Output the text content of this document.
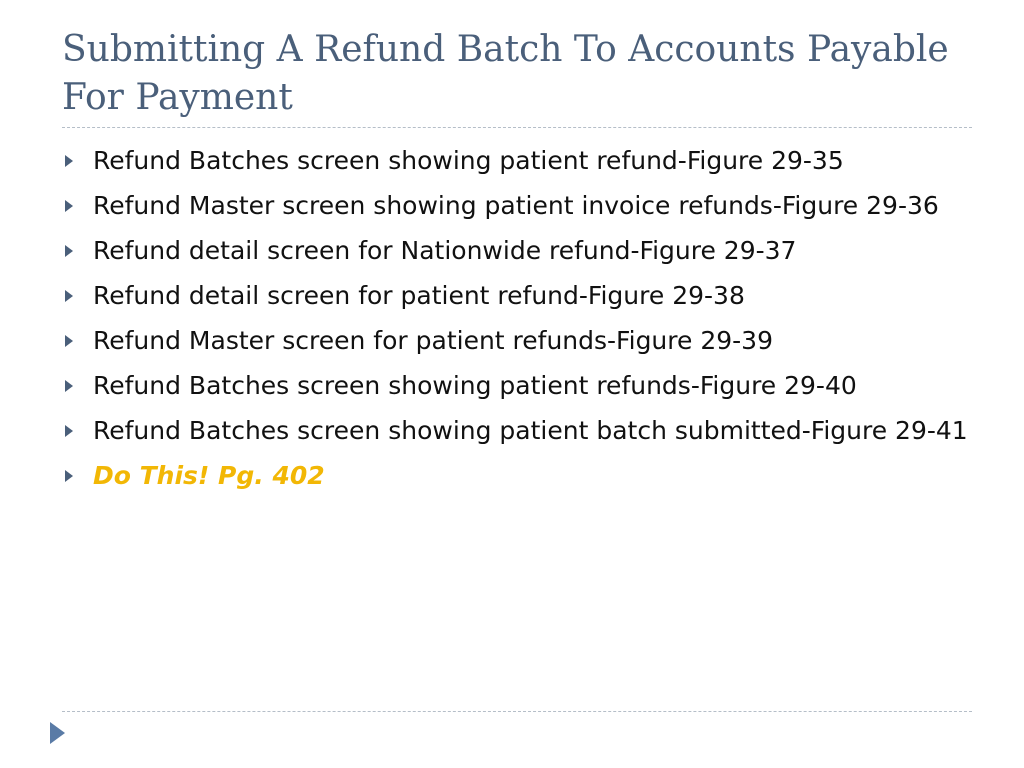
Submitting A Refund Batch To Accounts Payable For Payment
Refund Batches screen showing patient refund-Figure 29-35
Refund Master screen showing patient invoice refunds-Figure 29-36
Refund detail screen for Nationwide refund-Figure 29-37
Refund detail screen for patient refund-Figure 29-38
Refund Master screen for patient refunds-Figure 29-39
Refund Batches screen showing patient refunds-Figure 29-40
Refund Batches screen showing patient batch submitted-Figure 29-41
Do This! Pg. 402
